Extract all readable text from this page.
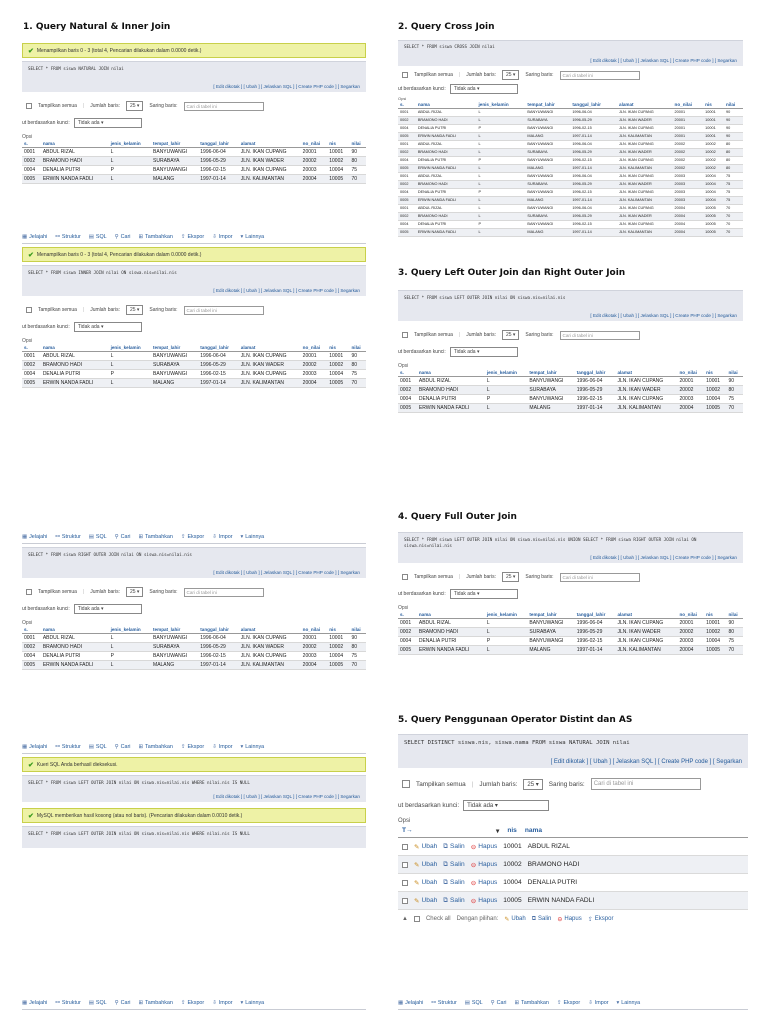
1. Query Natural & Inner Join	2. Query Cross Join
3. Query Left Outer Join dan Right Outer Join
4. Query Full Outer Join
5. Query Penggunaan Operator Distint dan AS
✔ Menampilkan baris 0 - 3 (total 4, Pencarian dilakukan dalam 0.0000 detik.)
SELECT * FROM siswa NATURAL JOIN nilai
[ Edit dikotak ] [ Ubah ] [ Jelaskan SQL ] [ Create PHP code ] [ Segarkan
Tampilkan semua | Jumlah baris:	25 ▾	Saring baris:	Cari di tabel ini
ut berdasarkan kunci:	Tidak ada ▾
Opsi
s.	nama	jenis_kelamin	tempat_lahir	tanggal_lahir	alamat	no_nilai	nis	nilai
0001	ABDUL RIZAL	L	BANYUWANGI	1996-06-04	JLN. IKAN CUPANG	20001	10001	90
0002	BRAMONO HADI	L	SURABAYA	1996-05-29	JLN. IKAN WADER	20002	10002	80
0004	DENALIA PUTRI	P	BANYUWANGI	1996-02-15	JLN. IKAN CUPANG	20003	10004	75
0005	ERWIN NANDA FADLI	L	MALANG	1997-01-14	JLN. KALIMANTAN	20004	10005	70
▦ Jelajahi ⚯ Struktur ▤ SQL ⚲ Cari ⊞ Tambahkan ⇪ Ekspor ⇩ Impor ▾ Lainnya
✔ Menampilkan baris 0 - 3 (total 4, Pencarian dilakukan dalam 0.0000 detik.)
SELECT * FROM siswa INNER JOIN nilai ON siswa.nis=nilai.nis
[ Edit dikotak ] [ Ubah ] [ Jelaskan SQL ] [ Create PHP code ] [ Segarkan
Tampilkan semua | Jumlah baris:	25 ▾	Saring baris:	Cari di tabel ini
ut berdasarkan kunci:	Tidak ada ▾
Opsi
s.	nama	jenis_kelamin	tempat_lahir	tanggal_lahir	alamat	no_nilai	nis	nilai
0001	ABDUL RIZAL	L	BANYUWANGI	1996-06-04	JLN. IKAN CUPANG	20001	10001	90
0002	BRAMONO HADI	L	SURABAYA	1996-05-29	JLN. IKAN WADER	20002	10002	80
0004	DENALIA PUTRI	P	BANYUWANGI	1996-02-15	JLN. IKAN CUPANG	20003	10004	75
0005	ERWIN NANDA FADLI	L	MALANG	1997-01-14	JLN. KALIMANTAN	20004	10005	70
SELECT * FROM siswa CROSS JOIN nilai
[ Edit dikotak ] [ Ubah ] [ Jelaskan SQL ] [ Create PHP code ] [ Segarkan
Tampilkan semua | Jumlah baris:	25 ▾	Saring baris:	Cari di tabel ini
ut berdasarkan kunci:	Tidak ada ▾
Opsi
s.	nama	jenis_kelamin	tempat_lahir	tanggal_lahir	alamat	no_nilai	nis	nilai
0001	ABDUL RIZAL	L	BANYUWANGI	1996-06-04	JLN. IKAN CUPANG	20001	10001	90
0002	BRAMONO HADI	L	SURABAYA	1996-05-29	JLN. IKAN WADER	20001	10001	90
0004	DENALIA PUTRI	P	BANYUWANGI	1996-02-15	JLN. IKAN CUPANG	20001	10001	90
0005	ERWIN NANDA FADLI	L	MALANG	1997-01-14	JLN. KALIMANTAN	20001	10001	90
0001	ABDUL RIZAL	L	BANYUWANGI	1996-06-04	JLN. IKAN CUPANG	20002	10002	80
0002	BRAMONO HADI	L	SURABAYA	1996-05-29	JLN. IKAN WADER	20002	10002	80
0004	DENALIA PUTRI	P	BANYUWANGI	1996-02-15	JLN. IKAN CUPANG	20002	10002	80
0005	ERWIN NANDA FADLI	L	MALANG	1997-01-14	JLN. KALIMANTAN	20002	10002	80
0001	ABDUL RIZAL	L	BANYUWANGI	1996-06-04	JLN. IKAN CUPANG	20003	10004	75
0002	BRAMONO HADI	L	SURABAYA	1996-05-29	JLN. IKAN WADER	20003	10004	75
0004	DENALIA PUTRI	P	BANYUWANGI	1996-02-15	JLN. IKAN CUPANG	20003	10004	75
0005	ERWIN NANDA FADLI	L	MALANG	1997-01-14	JLN. KALIMANTAN	20003	10004	75
0001	ABDUL RIZAL	L	BANYUWANGI	1996-06-04	JLN. IKAN CUPANG	20004	10005	70
0002	BRAMONO HADI	L	SURABAYA	1996-05-29	JLN. IKAN WADER	20004	10005	70
0004	DENALIA PUTRI	P	BANYUWANGI	1996-02-15	JLN. IKAN CUPANG	20004	10005	70
0005	ERWIN NANDA FADLI	L	MALANG	1997-01-14	JLN. KALIMANTAN	20004	10005	70
SELECT * FROM siswa LEFT OUTER JOIN nilai ON siswa.nis=nilai.nis
[ Edit dikotak ] [ Ubah ] [ Jelaskan SQL ] [ Create PHP code ] [ Segarkan
Tampilkan semua | Jumlah baris:	25 ▾	Saring baris:	Cari di tabel ini
ut berdasarkan kunci:	Tidak ada ▾
Opsi
s.	nama	jenis_kelamin	tempat_lahir	tanggal_lahir	alamat	no_nilai	nis	nilai
0001	ABDUL RIZAL	L	BANYUWANGI	1996-06-04	JLN. IKAN CUPANG	20001	10001	90
0002	BRAMONO HADI	L	SURABAYA	1996-05-29	JLN. IKAN WADER	20002	10002	80
0004	DENALIA PUTRI	P	BANYUWANGI	1996-02-15	JLN. IKAN CUPANG	20003	10004	75
0005	ERWIN NANDA FADLI	L	MALANG	1997-01-14	JLN. KALIMANTAN	20004	10005	70
▦ Jelajahi ⚯ Struktur ▤ SQL ⚲ Cari ⊞ Tambahkan ⇪ Ekspor ⇩ Impor ▾ Lainnya
SELECT * FROM siswa RIGHT OUTER JOIN nilai ON siswa.nis=nilai.nis
[ Edit dikotak ] [ Ubah ] [ Jelaskan SQL ] [ Create PHP code ] [ Segarkan
Tampilkan semua | Jumlah baris:	25 ▾	Saring baris:	Cari di tabel ini
ut berdasarkan kunci:	Tidak ada ▾
Opsi
s.	nama	jenis_kelamin	tempat_lahir	tanggal_lahir	alamat	no_nilai	nis	nilai
0001	ABDUL RIZAL	L	BANYUWANGI	1996-06-04	JLN. IKAN CUPANG	20001	10001	90
0002	BRAMONO HADI	L	SURABAYA	1996-05-29	JLN. IKAN WADER	20002	10002	80
0004	DENALIA PUTRI	P	BANYUWANGI	1996-02-15	JLN. IKAN CUPANG	20003	10004	75
0005	ERWIN NANDA FADLI	L	MALANG	1997-01-14	JLN. KALIMANTAN	20004	10005	70
▦ Jelajahi ⚯ Struktur ▤ SQL ⚲ Cari ⊞ Tambahkan ⇪ Ekspor ⇩ Impor ▾ Lainnya
✔ Kueri SQL Anda berhasil dieksekusi.
SELECT * FROM siswa LEFT OUTER JOIN nilai ON siswa.nis=nilai.nis WHERE nilai.nis IS NULL
[ Edit dikotak ] [ Ubah ] [ Jelaskan SQL ] [ Create PHP code ] [ Segarkan
✔ MySQL memberikan hasil kosong (atau nol baris). (Pencarian dilakukan dalam 0.0010 detik.)
SELECT * FROM siswa LEFT OUTER JOIN nilai ON siswa.nis=nilai.nis WHERE nilai.nis IS NULL
SELECT * FROM siswa LEFT OUTER JOIN nilai ON siswa.nis=nilai.nis UNION SELECT * FROM siswa RIGHT OUTER JOIN nilai ON siswa.nis=nilai.nis
[ Edit dikotak ] [ Ubah ] [ Jelaskan SQL ] [ Create PHP code ] [ Segarkan
Tampilkan semua | Jumlah baris:	25 ▾	Saring baris:	Cari di tabel ini
ut berdasarkan kunci:	Tidak ada ▾
Opsi
s.	nama	jenis_kelamin	tempat_lahir	tanggal_lahir	alamat	no_nilai	nis	nilai
0001	ABDUL RIZAL	L	BANYUWANGI	1996-06-04	JLN. IKAN CUPANG	20001	10001	90
0002	BRAMONO HADI	L	SURABAYA	1996-05-29	JLN. IKAN WADER	20002	10002	80
0004	DENALIA PUTRI	P	BANYUWANGI	1996-02-15	JLN. IKAN CUPANG	20003	10004	75
0005	ERWIN NANDA FADLI	L	MALANG	1997-01-14	JLN. KALIMANTAN	20004	10005	70
SELECT DISTINCT siswa.nis, siswa.nama FROM siswa NATURAL JOIN nilai
[ Edit dikotak ] [ Ubah ] [ Jelaskan SQL ] [ Create PHP code ] [ Segarkan
Tampilkan semua | Jumlah baris:	25 ▾	Saring baris:	Cari di tabel ini
ut berdasarkan kunci:	Tidak ada ▾
Opsi
T→	▾ nis nama
✎ Ubah ⧉ Salin ⊖ Hapus 10001 ABDUL RIZAL
✎ Ubah ⧉ Salin ⊖ Hapus 10002 BRAMONO HADI
✎ Ubah ⧉ Salin ⊖ Hapus 10004 DENALIA PUTRI
✎ Ubah ⧉ Salin ⊖ Hapus 10005 ERWIN NANDA FADLI
▲	Check all Dengan pilihan: ✎ Ubah ⧉ Salin ⊖ Hapus ⇪ Ekspor
▦ Jelajahi ⚯ Struktur ▤ SQL ⚲ Cari ⊞ Tambahkan ⇪ Ekspor ⇩ Impor ▾ Lainnya	▦ Jelajahi ⚯ Struktur ▤ SQL ⚲ Cari ⊞ Tambahkan ⇪ Ekspor ⇩ Impor ▾ Lainnya
